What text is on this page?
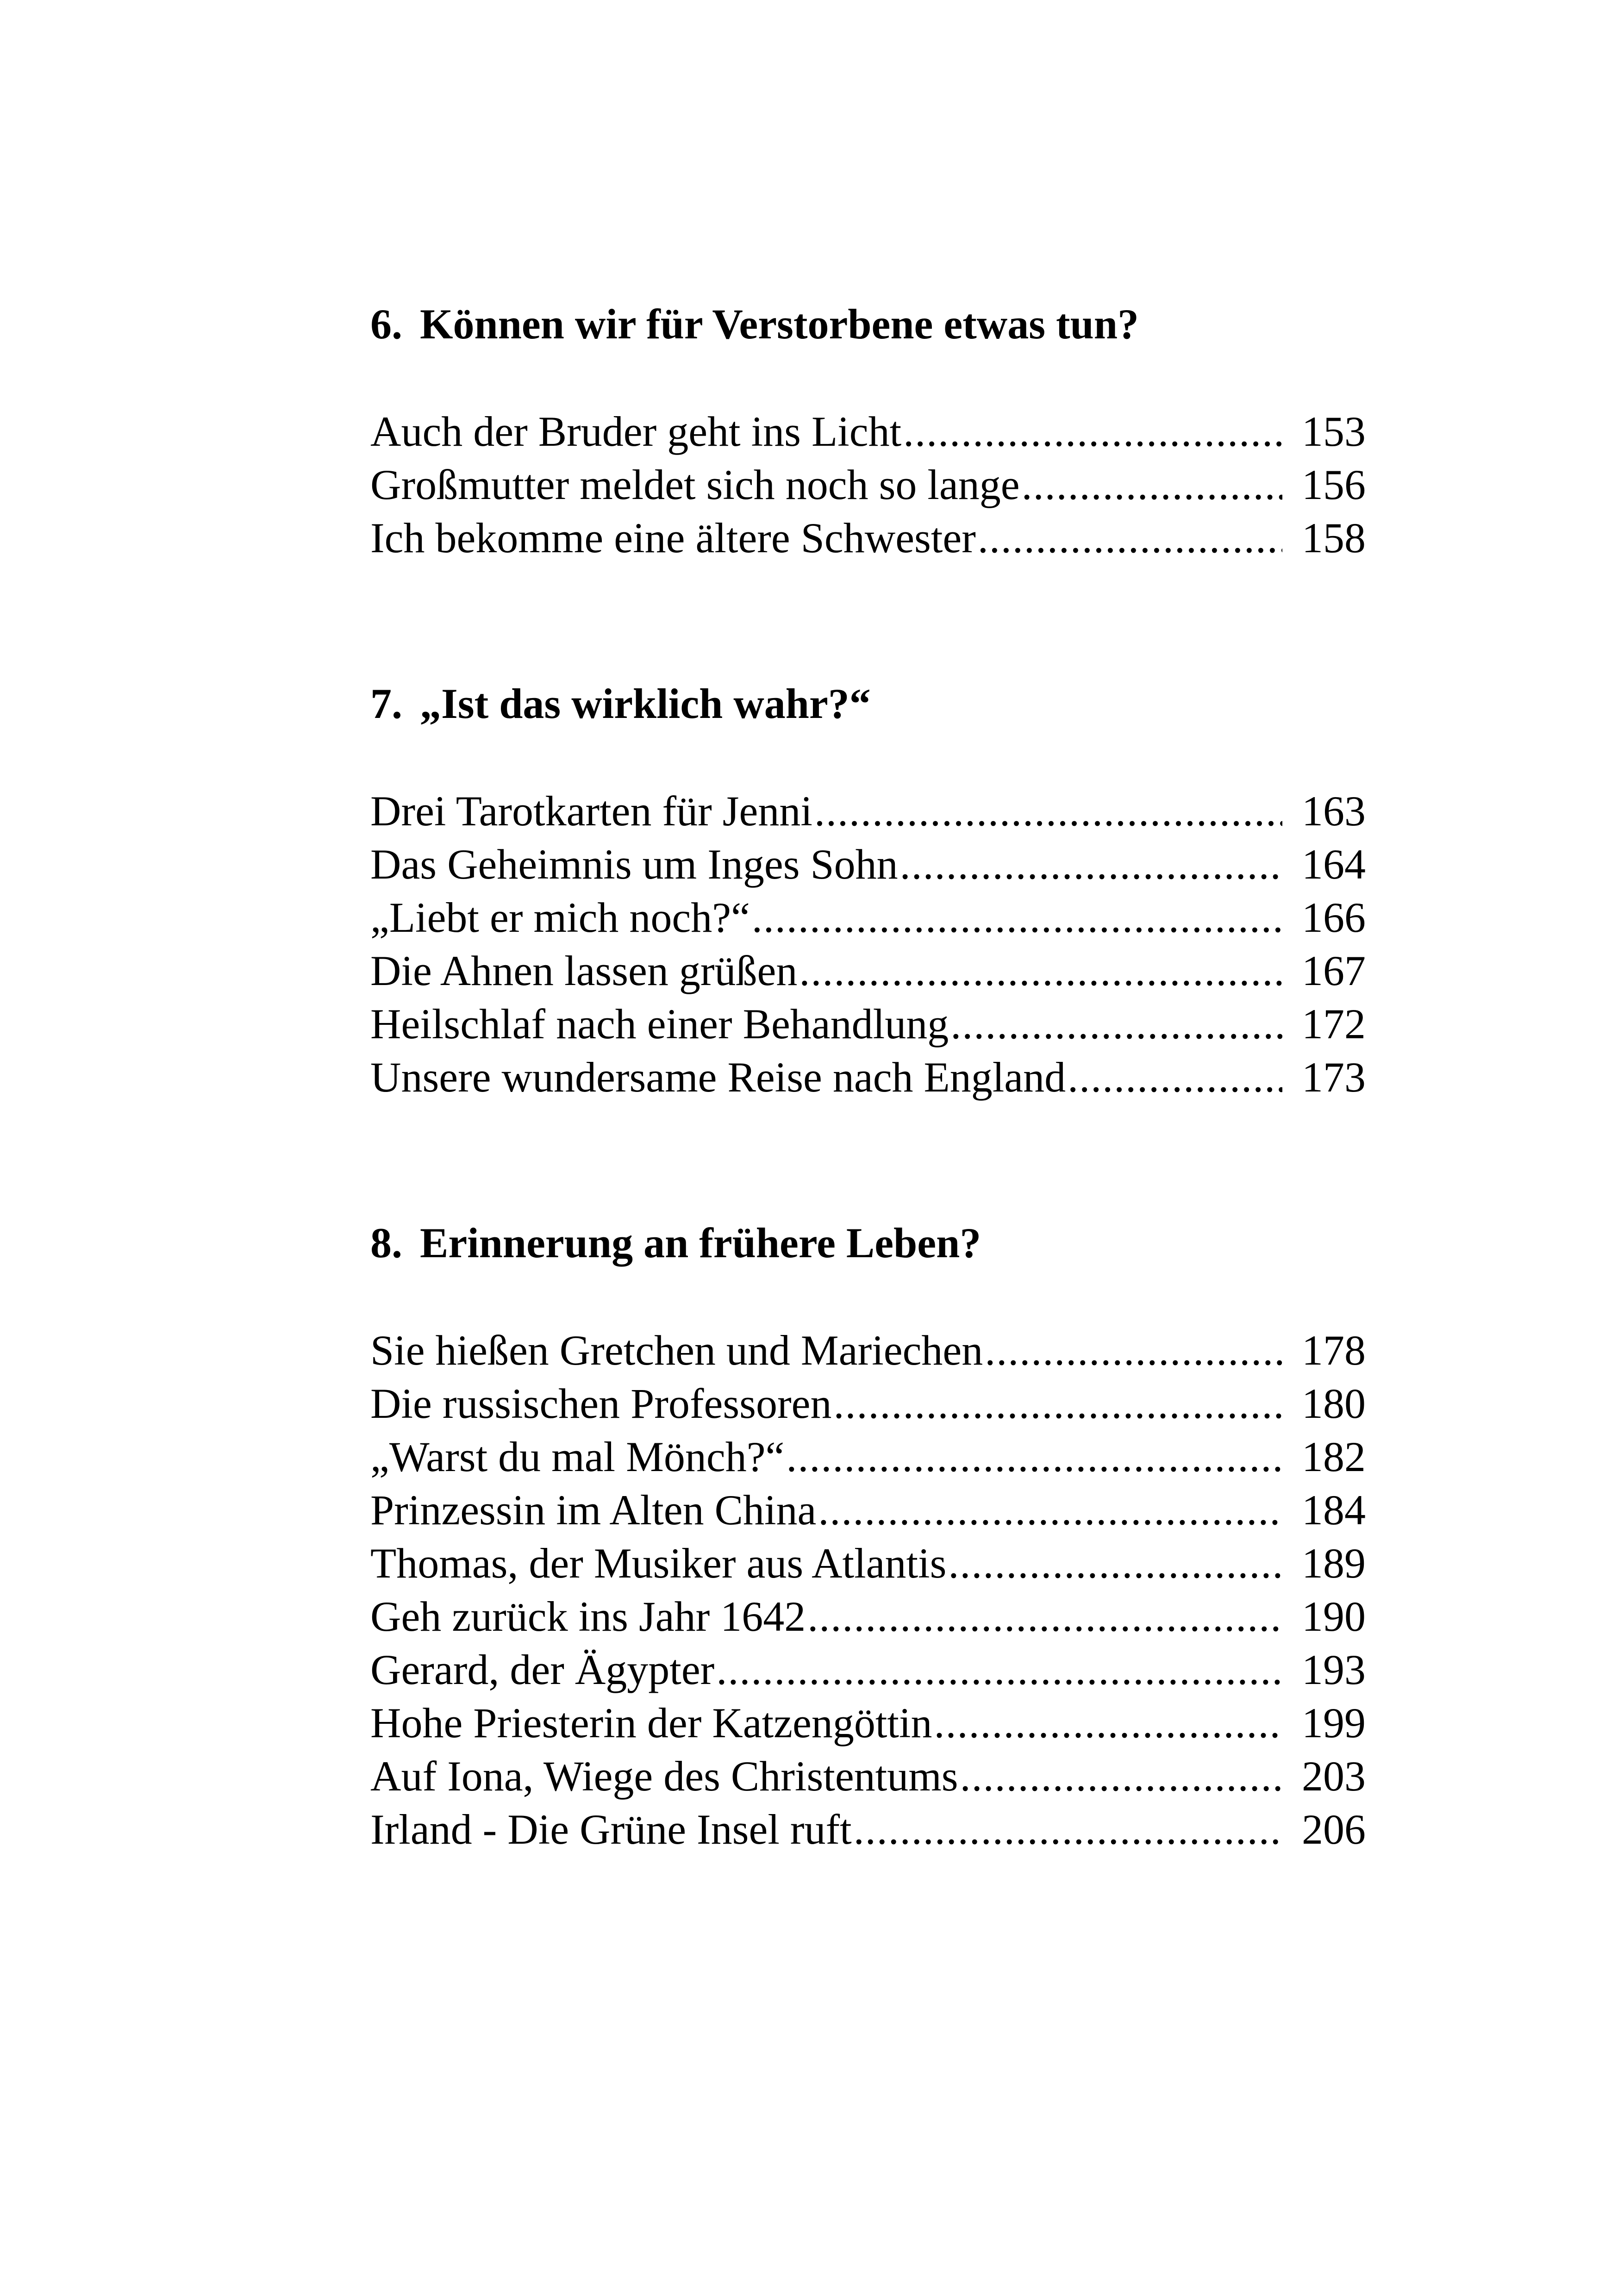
6. Können wir für Verstorbene etwas tun?
Auch der Bruder geht ins Licht .....	153
Großmutter meldet sich noch so lange .....	156
Ich bekomme eine ältere Schwester .....	158
7. „Ist das wirklich wahr?“
Drei Tarotkarten für Jenni .....	163
Das Geheimnis um Inges Sohn .....	164
„Liebt er mich noch?“ .....	166
Die Ahnen lassen grüßen .....	167
Heilschlaf nach einer Behandlung .....	172
Unsere wundersame Reise nach England .....	173
8. Erinnerung an frühere Leben?
Sie hießen Gretchen und Mariechen .....	178
Die russischen Professoren .....	180
„Warst du mal Mönch?“ .....	182
Prinzessin im Alten China .....	184
Thomas, der Musiker aus Atlantis .....	189
Geh zurück ins Jahr 1642 .....	190
Gerard, der Ägypter .....	193
Hohe Priesterin der Katzengöttin .....	199
Auf Iona, Wiege des Christentums .....	203
Irland - Die Grüne Insel ruft .....	206
